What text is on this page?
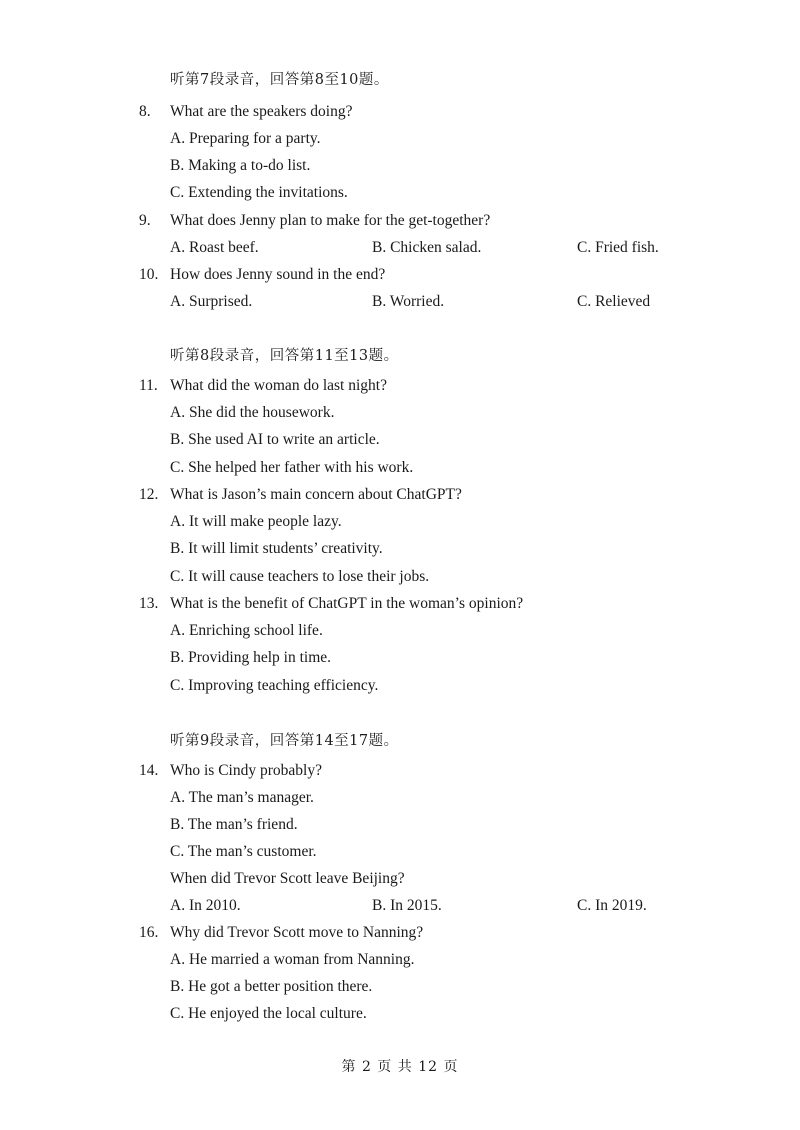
听第7段录音，回答第8至10题。
8. What are the speakers doing?
A. Preparing for a party.
B. Making a to-do list.
C. Extending the invitations.
9. What does Jenny plan to make for the get-together?
A. Roast beef.	B. Chicken salad.	C. Fried fish.
10. How does Jenny sound in the end?
A. Surprised.	B. Worried.	C. Relieved
听第8段录音，回答第11至13题。
11. What did the woman do last night?
A. She did the housework.
B. She used AI to write an article.
C. She helped her father with his work.
12. What is Jason’s main concern about ChatGPT?
A. It will make people lazy.
B. It will limit students’ creativity.
C. It will cause teachers to lose their jobs.
13. What is the benefit of ChatGPT in the woman’s opinion?
A. Enriching school life.
B. Providing help in time.
C. Improving teaching efficiency.
听第9段录音，回答第14至17题。
14. Who is Cindy probably?
A. The man’s manager.
B. The man’s friend.
C. The man’s customer.
When did Trevor Scott leave Beijing?
A. In 2010.	B. In 2015.	C. In 2019.
16. Why did Trevor Scott move to Nanning?
A. He married a woman from Nanning.
B. He got a better position there.
C. He enjoyed the local culture.
第 2 页 共 12 页
